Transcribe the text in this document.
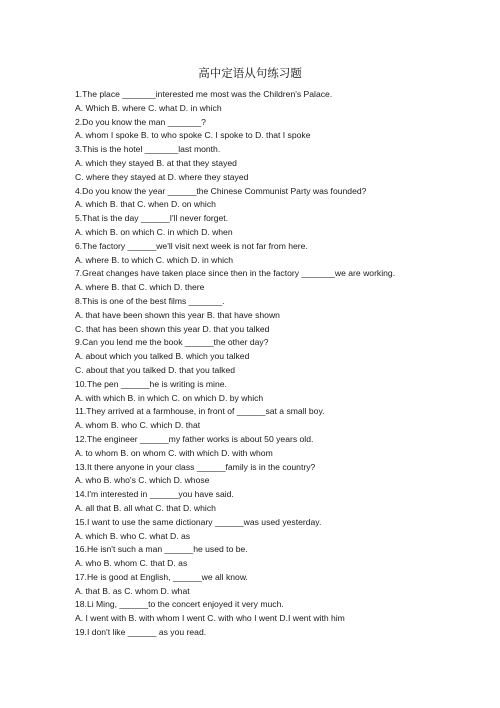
高中定语从句练习题
1.The place _______interested me most was the Children's Palace.
A. Which B. where C. what D. in which
2.Do you know the man _______?
A. whom I spoke B. to who spoke C. I spoke to D. that I spoke
3.This is the hotel _______last month.
A. which they stayed B. at that they stayed
C. where they stayed at D. where they stayed
4.Do you know the year ______the Chinese Communist Party was founded?
A. which B. that C. when D. on which
5.That is the day ______I'll never forget.
A. which B. on which C. in which D. when
6.The factory ______we'll visit next week is not far from here.
A. where B. to which C. which D. in which
7.Great changes have taken place since then in the factory _______we are working.
A. where B. that C. which D. there
8.This is one of the best films _______.
A. that have been shown this year B. that have shown
C. that has been shown this year D. that you talked
9.Can you lend me the book ______the other day?
A. about which you talked B. which you talked
C. about that you talked D. that you talked
10.The pen ______he is writing is mine.
A. with which B. in which C. on which D. by which
11.They arrived at a farmhouse, in front of ______sat a small boy.
A. whom B. who C. which D. that
12.The engineer ______my father works is about 50 years old.
A. to whom B. on whom C. with which D. with whom
13.It there anyone in your class ______family is in the country?
A. who B. who's C. which D. whose
14.I'm interested in ______you have said.
A. all that B. all what C. that D. which
15.I want to use the same dictionary ______was used yesterday.
A. which B. who C. what D. as
16.He isn't such a man ______he used to be.
A. who B. whom C. that D. as
17.He is good at English, ______we all know.
A. that B. as C. whom D. what
18.Li Ming, ______to the concert enjoyed it very much.
A. I went with B. with whom I went C. with who I went D.I went with him
19.I don't like ______ as you read.
